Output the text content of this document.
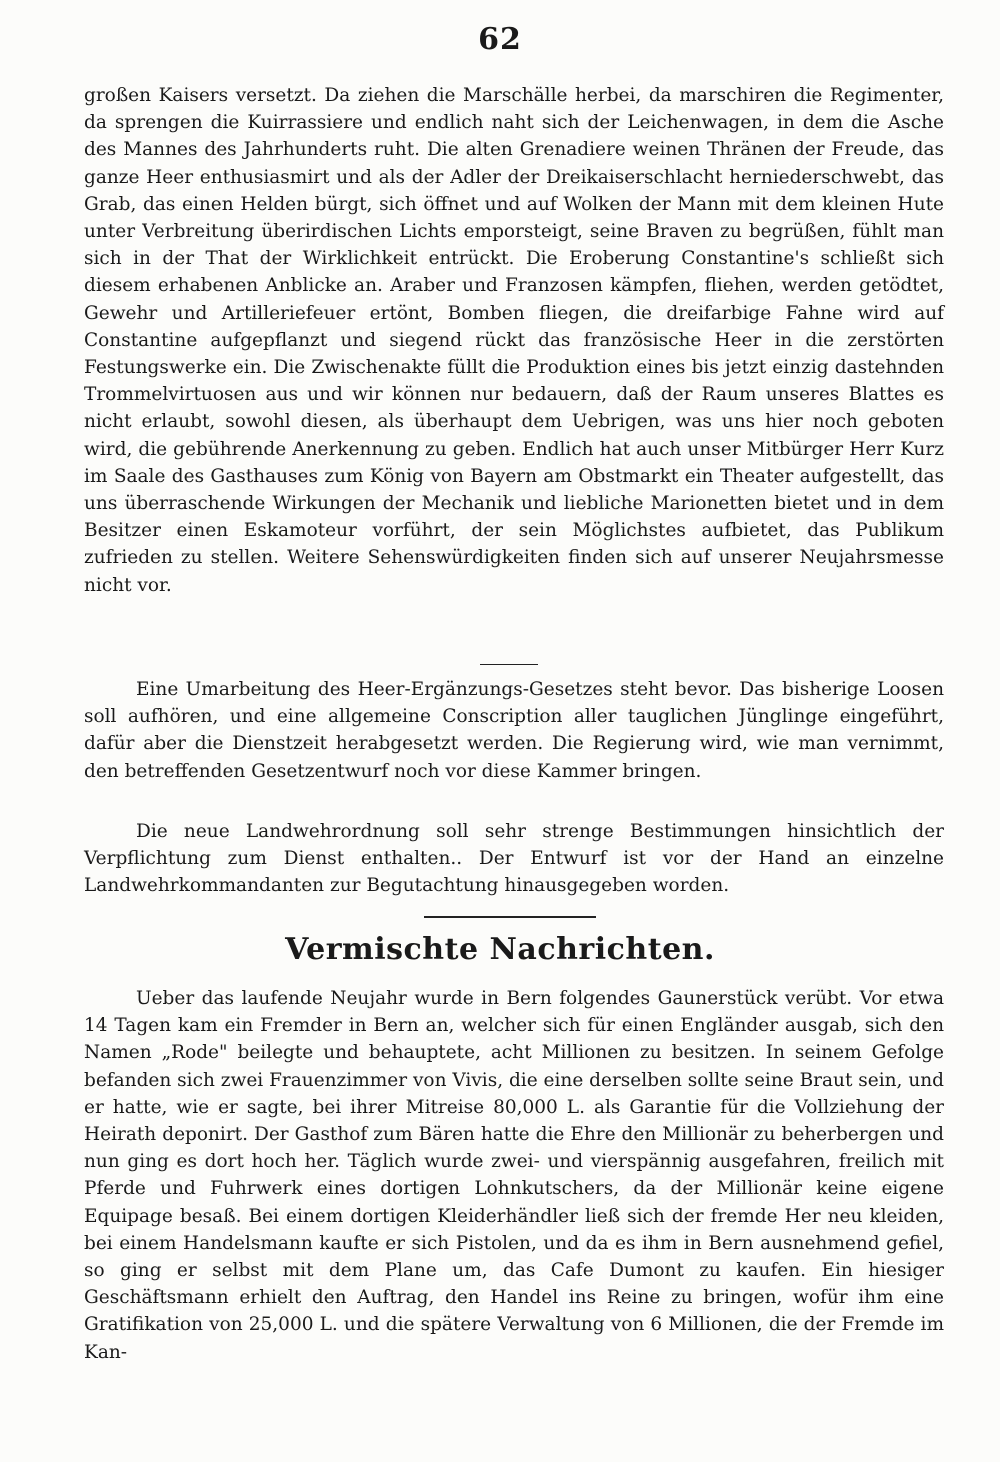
62

großen Kaisers versetzt. Da ziehen die Marschälle herbei, da marschiren die Regimenter, da sprengen die Kuirrassiere und endlich naht sich der Leichenwagen, in dem die Asche des Mannes des Jahrhunderts ruht. Die alten Grenadiere weinen Thränen der Freude, das ganze Heer enthusiasmirt und als der Adler der Dreikaiserschlacht herniederschwebt, das Grab, das einen Helden bürgt, sich öffnet und auf Wolken der Mann mit dem kleinen Hute unter Verbreitung überirdischen Lichts emporsteigt, seine Braven zu begrüßen, fühlt man sich in der That der Wirklichkeit entrückt. Die Eroberung Constantine's schließt sich diesem erhabenen Anblicke an. Araber und Franzosen kämpfen, fliehen, werden getödtet, Gewehr und Artilleriefeuer ertönt, Bomben fliegen, die dreifarbige Fahne wird auf Constantine aufgepflanzt und siegend rückt das französische Heer in die zerstörten Festungswerke ein. Die Zwischenakte füllt die Produktion eines bis jetzt einzig dastehnden Trommelvirtuosen aus und wir können nur bedauern, daß der Raum unseres Blattes es nicht erlaubt, sowohl diesen, als überhaupt dem Uebrigen, was uns hier noch geboten wird, die gebührende Anerkennung zu geben. Endlich hat auch unser Mitbürger Herr Kurz im Saale des Gasthauses zum König von Bayern am Obstmarkt ein Theater aufgestellt, das uns überraschende Wirkungen der Mechanik und liebliche Marionetten bietet und in dem Besitzer einen Eskamoteur vorführt, der sein Möglichstes aufbietet, das Publikum zufrieden zu stellen. Weitere Sehenswürdigkeiten finden sich auf unserer Neujahrsmesse nicht vor.

Eine Umarbeitung des Heer-Ergänzungs-Gesetzes steht bevor. Das bisherige Loosen soll aufhören, und eine allgemeine Conscription aller tauglichen Jünglinge eingeführt, dafür aber die Dienstzeit herabgesetzt werden. Die Regierung wird, wie man vernimmt, den betreffenden Gesetzentwurf noch vor diese Kammer bringen.

Die neue Landwehrordnung soll sehr strenge Bestimmungen hinsichtlich der Verpflichtung zum Dienst enthalten.. Der Entwurf ist vor der Hand an einzelne Landwehrkommandanten zur Begutachtung hinausgegeben worden.

Vermischte Nachrichten.

Ueber das laufende Neujahr wurde in Bern folgendes Gaunerstück verübt. Vor etwa 14 Tagen kam ein Fremder in Bern an, welcher sich für einen Engländer ausgab, sich den Namen „Rode" beilegte und behauptete, acht Millionen zu besitzen. In seinem Gefolge befanden sich zwei Frauenzimmer von Vivis, die eine derselben sollte seine Braut sein, und er hatte, wie er sagte, bei ihrer Mitreise 80,000 L. als Garantie für die Vollziehung der Heirath deponirt. Der Gasthof zum Bären hatte die Ehre den Millionär zu beherbergen und nun ging es dort hoch her. Täglich wurde zwei- und vierspännig ausgefahren, freilich mit Pferde und Fuhrwerk eines dortigen Lohnkutschers, da der Millionär keine eigene Equipage besaß. Bei einem dortigen Kleiderhändler ließ sich der fremde Her neu kleiden, bei einem Handelsmann kaufte er sich Pistolen, und da es ihm in Bern ausnehmend gefiel, so ging er selbst mit dem Plane um, das Cafe Dumont zu kaufen. Ein hiesiger Geschäftsmann erhielt den Auftrag, den Handel ins Reine zu bringen, wofür ihm eine Gratifikation von 25,000 L. und die spätere Verwaltung von 6 Millionen, die der Fremde im Kan-
